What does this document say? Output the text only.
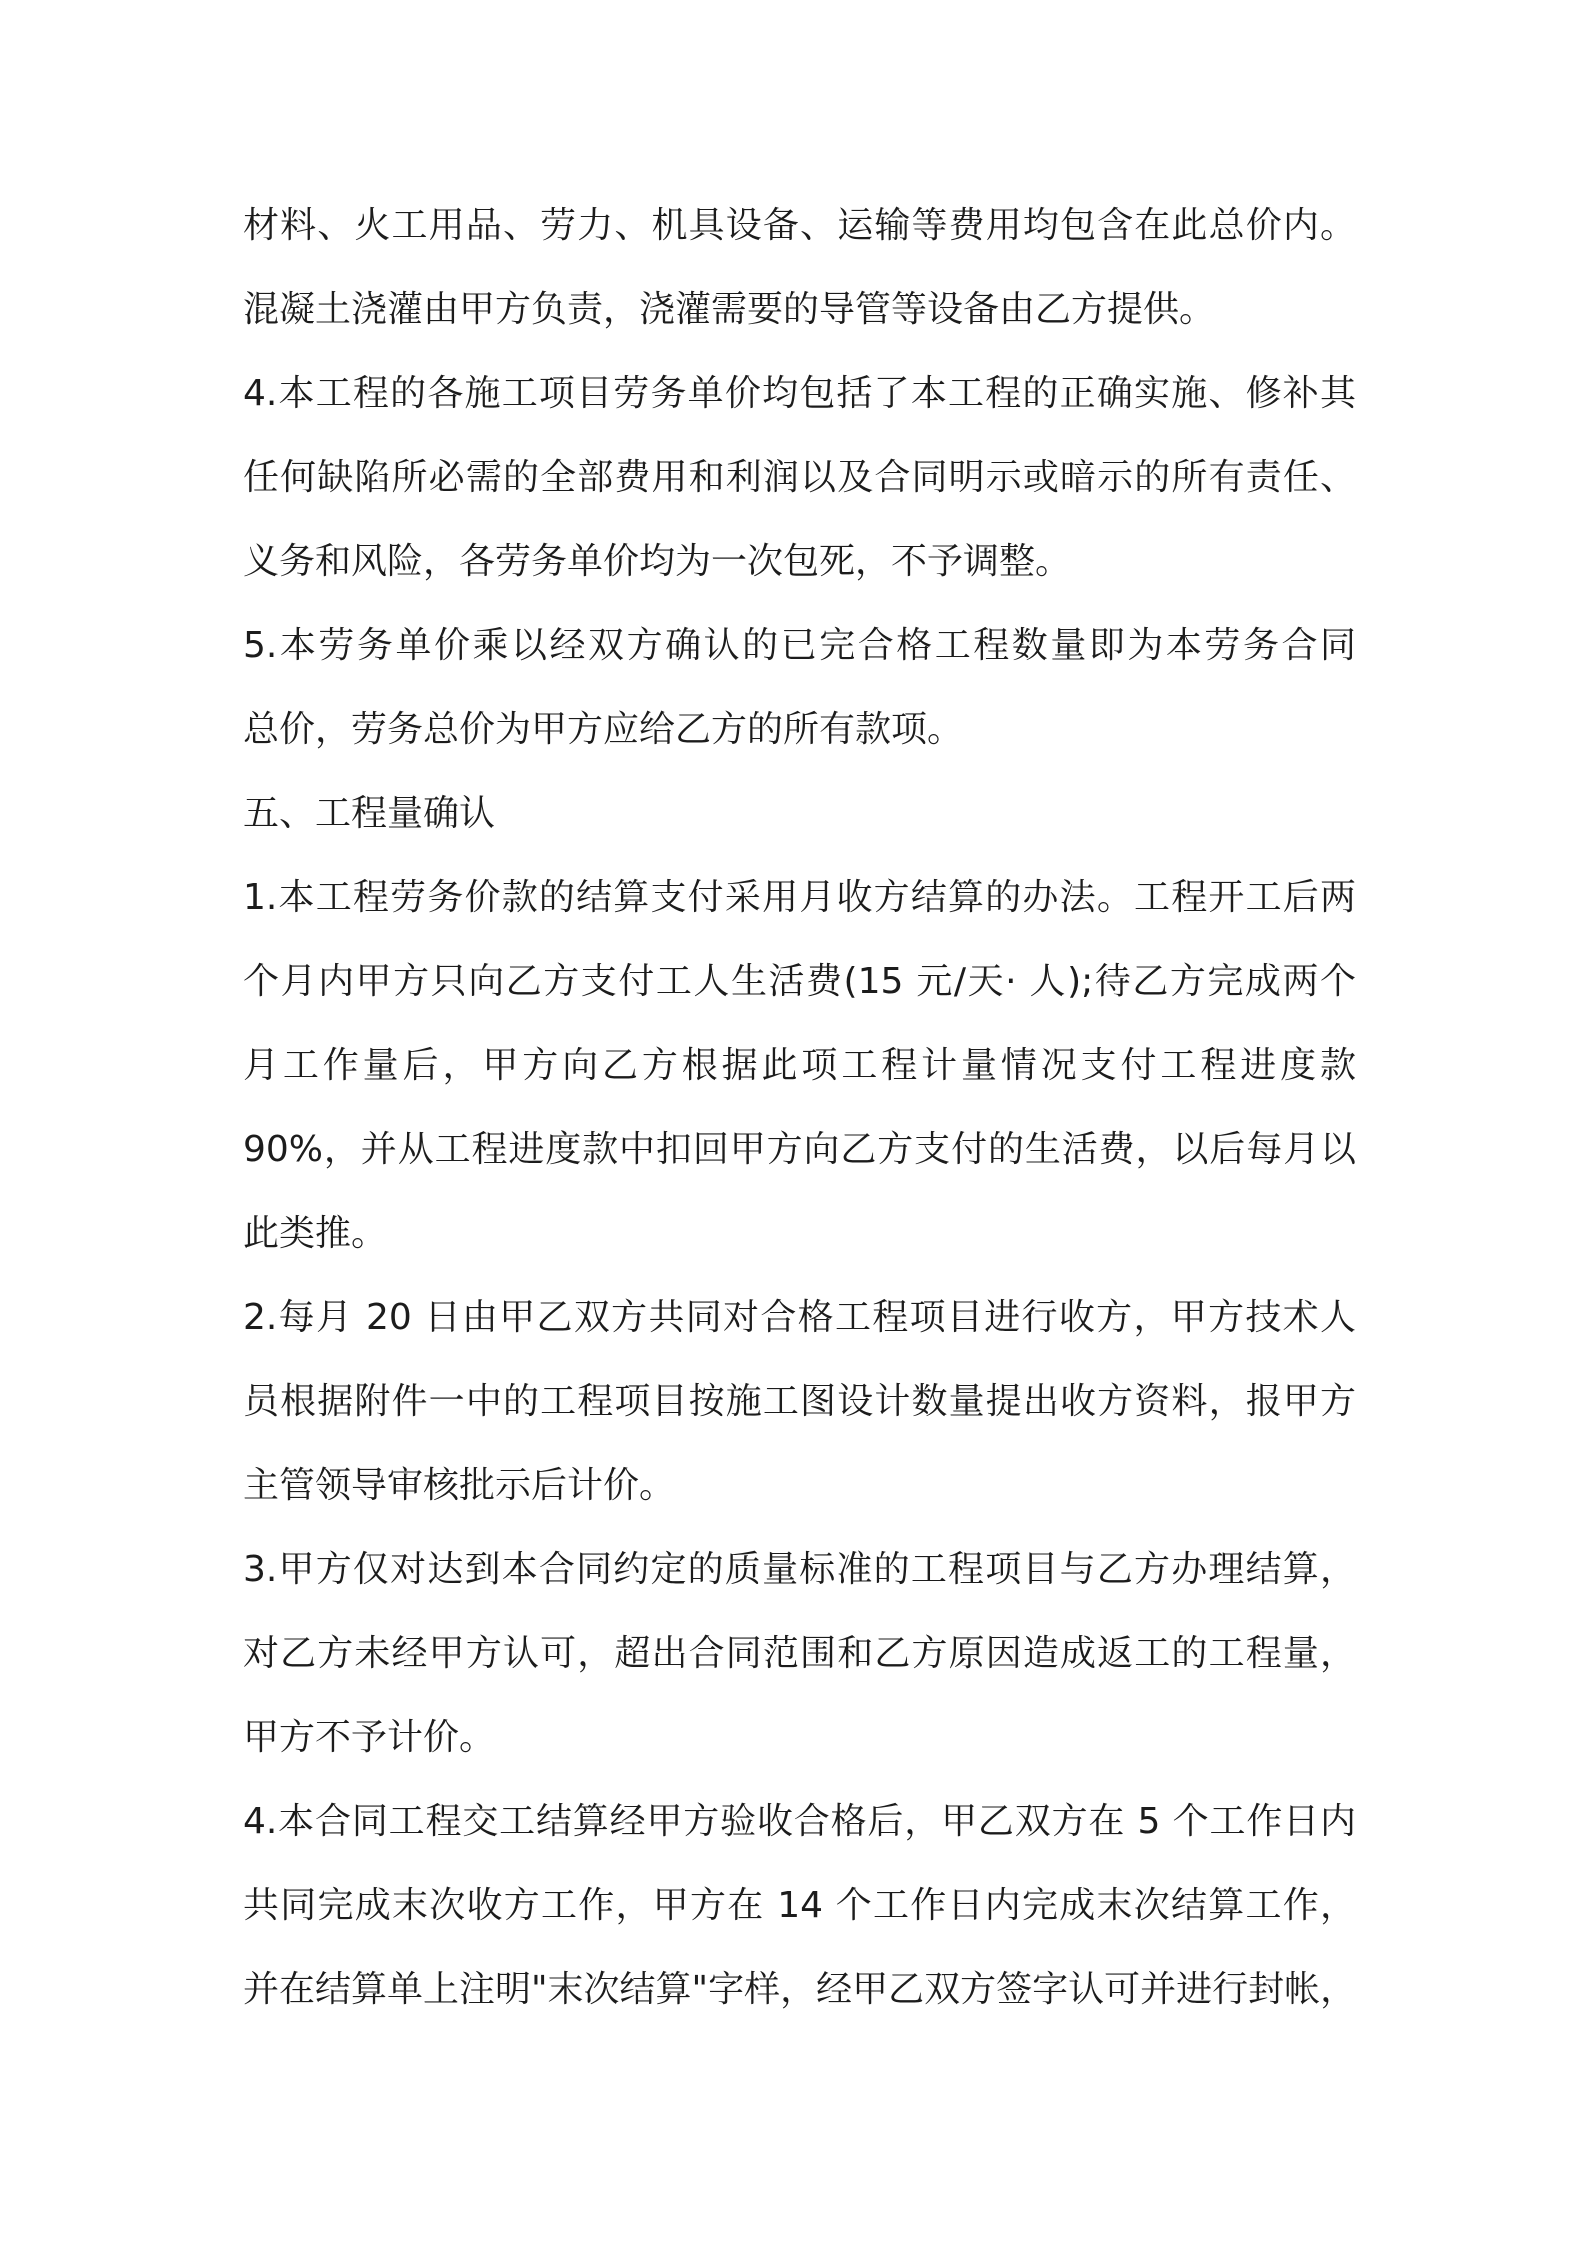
材料、火工用品、劳力、机具设备、运输等费用均包含在此总价内。
混凝土浇灌由甲方负责，浇灌需要的导管等设备由乙方提供。
4.本工程的各施工项目劳务单价均包括了本工程的正确实施、修补其
任何缺陷所必需的全部费用和利润以及合同明示或暗示的所有责任、
义务和风险，各劳务单价均为一次包死，不予调整。
5.本劳务单价乘以经双方确认的已完合格工程数量即为本劳务合同
总价，劳务总价为甲方应给乙方的所有款项。
五、工程量确认
1.本工程劳务价款的结算支付采用月收方结算的办法。工程开工后两
个月内甲方只向乙方支付工人生活费(15 元/天· 人);待乙方完成两个
月工作量后，甲方向乙方根据此项工程计量情况支付工程进度款
90%，并从工程进度款中扣回甲方向乙方支付的生活费，以后每月以
此类推。
2.每月 20 日由甲乙双方共同对合格工程项目进行收方，甲方技术人
员根据附件一中的工程项目按施工图设计数量提出收方资料，报甲方
主管领导审核批示后计价。
3.甲方仅对达到本合同约定的质量标准的工程项目与乙方办理结算，
对乙方未经甲方认可，超出合同范围和乙方原因造成返工的工程量，
甲方不予计价。
4.本合同工程交工结算经甲方验收合格后，甲乙双方在 5 个工作日内
共同完成末次收方工作，甲方在 14 个工作日内完成末次结算工作，
并在结算单上注明"末次结算"字样，经甲乙双方签字认可并进行封帐，
